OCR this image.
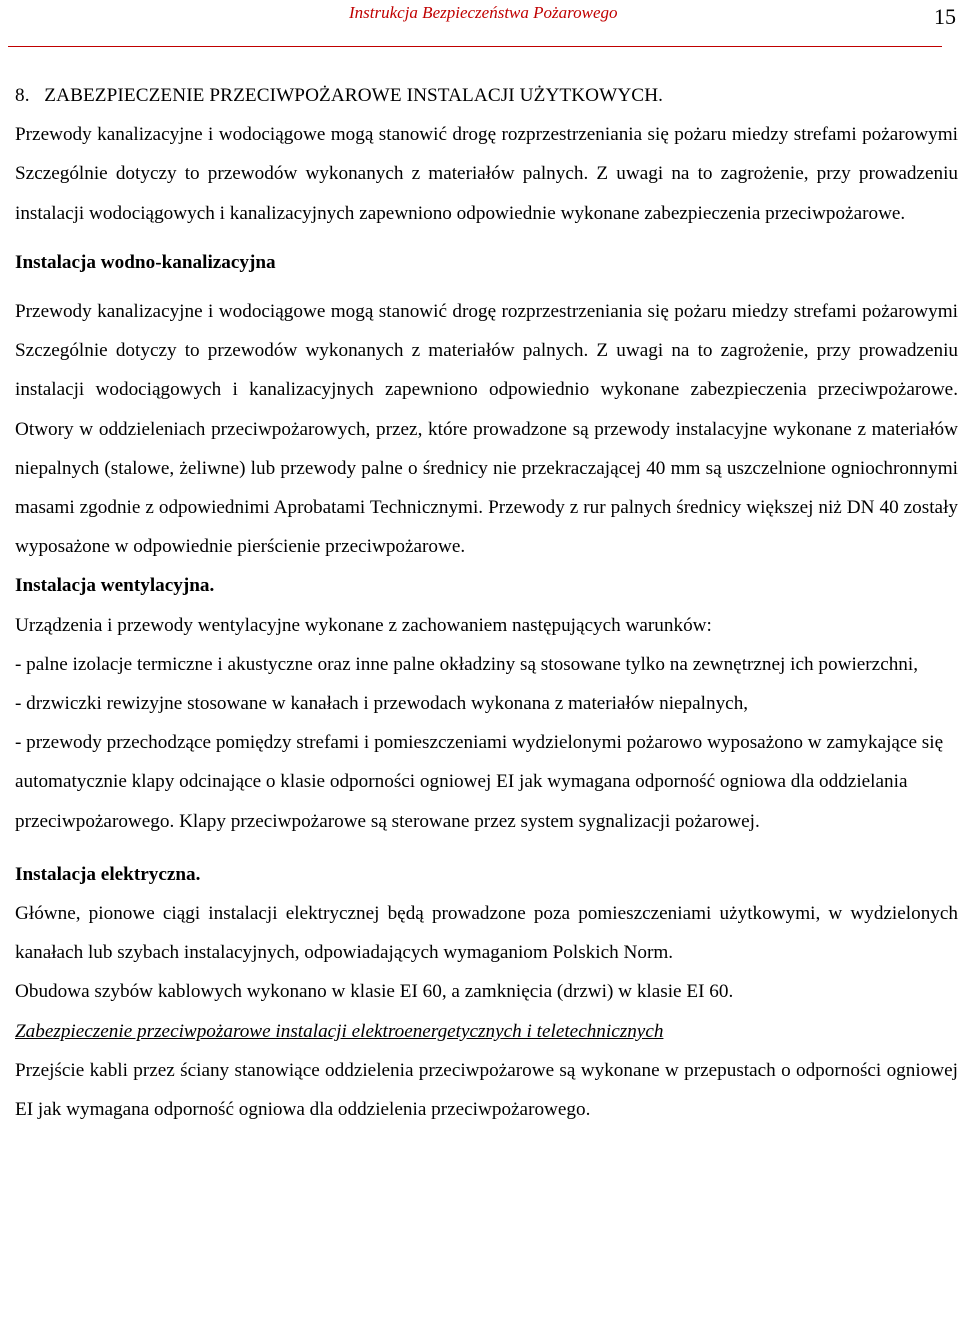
Instrukcja Bezpieczeństwa Pożarowego	15
8. ZABEZPIECZENIE PRZECIWPOŻAROWE INSTALACJI UŻYTKOWYCH.

Przewody kanalizacyjne i wodociągowe mogą stanowić drogę rozprzestrzeniania się pożaru miedzy strefami pożarowymi Szczególnie dotyczy to przewodów wykonanych z materiałów palnych. Z uwagi na to zagrożenie, przy prowadzeniu instalacji wodociągowych i kanalizacyjnych zapewniono odpowiednie wykonane zabezpieczenia przeciwpożarowe.

Instalacja wodno-kanalizacyjna

Przewody kanalizacyjne i wodociągowe mogą stanowić drogę rozprzestrzeniania się pożaru miedzy strefami pożarowymi Szczególnie dotyczy to przewodów wykonanych z materiałów palnych. Z uwagi na to zagrożenie, przy prowadzeniu instalacji wodociągowych i kanalizacyjnych zapewniono odpowiednio wykonane zabezpieczenia przeciwpożarowe. Otwory w oddzieleniach przeciwpożarowych, przez, które prowadzone są przewody instalacyjne wykonane z materiałów niepalnych (stalowe, żeliwne) lub przewody palne o średnicy nie przekraczającej 40 mm są uszczelnione ogniochronnymi masami zgodnie z odpowiednimi Aprobatami Technicznymi. Przewody z rur palnych średnicy większej niż DN 40 zostały wyposażone w odpowiednie pierścienie przeciwpożarowe.

Instalacja wentylacyjna.

Urządzenia i przewody wentylacyjne wykonane z zachowaniem następujących warunków:

- palne izolacje termiczne i akustyczne oraz inne palne okładziny są stosowane tylko na zewnętrznej ich powierzchni,

- drzwiczki rewizyjne stosowane w kanałach i przewodach wykonana z materiałów niepalnych,

- przewody przechodzące pomiędzy strefami i pomieszczeniami wydzielonymi pożarowo wyposażono w zamykające się automatycznie klapy odcinające o klasie odporności ogniowej EI jak wymagana odporność ogniowa dla oddzielania przeciwpożarowego. Klapy przeciwpożarowe są sterowane przez system sygnalizacji pożarowej.

Instalacja elektryczna.

Główne, pionowe ciągi instalacji elektrycznej będą prowadzone poza pomieszczeniami użytkowymi, w wydzielonych kanałach lub szybach instalacyjnych, odpowiadających wymaganiom Polskich Norm.

Obudowa szybów kablowych wykonano w klasie EI 60, a zamknięcia (drzwi) w klasie EI 60.

Zabezpieczenie przeciwpożarowe instalacji elektroenergetycznych i teletechnicznych

Przejście kabli przez ściany stanowiące oddzielenia przeciwpożarowe są wykonane w przepustach o odporności ogniowej EI jak wymagana odporność ogniowa dla oddzielenia przeciwpożarowego.
